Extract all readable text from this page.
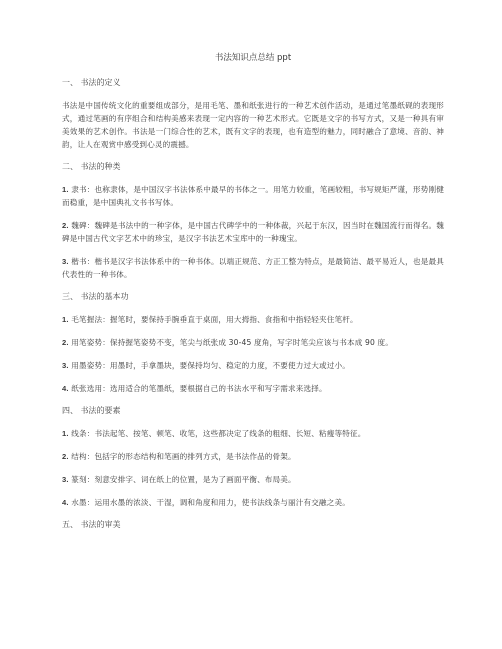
书法知识点总结 ppt
一、 书法的定义
书法是中国传统文化的重要组成部分，是用毛笔、墨和纸张进行的一种艺术创作活动，是通过笔墨纸砚的表现形式，通过笔画的有序组合和结构美感来表现一定内容的一种艺术形式。它既是文字的书写方式，又是一种具有审美效果的艺术创作。书法是一门综合性的艺术，既有文字的表现，也有造型的魅力，同时融合了意境、音韵、神韵，让人在观赏中感受到心灵的震撼。
二、 书法的种类
1. 隶书：也称隶体，是中国汉字书法体系中最早的书体之一。用笔力较重，笔画较粗，书写规矩严谨，形势刚健而稳重，是中国典礼文书书写体。
2. 魏碑：魏碑是书法中的一种字体，是中国古代碑学中的一种体裁，兴起于东汉，因当时在魏国流行而得名。魏碑是中国古代文字艺术中的珍宝，是汉字书法艺术宝库中的一种瑰宝。
3. 楷书：楷书是汉字书法体系中的一种书体。以端正规范、方正工整为特点，是最简洁、最平易近人，也是最具代表性的一种书体。
三、 书法的基本功
1. 毛笔握法：握笔时，要保持手腕垂直于桌面，用大拇指、食指和中指轻轻夹住笔杆。
2. 用笔姿势：保持握笔姿势不变，笔尖与纸张成 30-45 度角，写字时笔尖应该与书本成 90 度。
3. 用墨姿势：用墨时，手拿墨块，要保持均匀、稳定的力度，不要使力过大或过小。
4. 纸张选用：选用适合的笔墨纸，要根据自己的书法水平和写字需求来选择。
四、 书法的要素
1. 线条：书法起笔、按笔、顿笔、收笔，这些都决定了线条的粗细、长短、粘瘦等特征。
2. 结构：包括字的形态结构和笔画的排列方式，是书法作品的骨架。
3. 篆刻：刻意安排字、词在纸上的位置，是为了画面平衡、布局美。
4. 水墨：运用水墨的浓淡、干湿，调和角度和用力，使书法线条与丽汁有交融之美。
五、 书法的审美
